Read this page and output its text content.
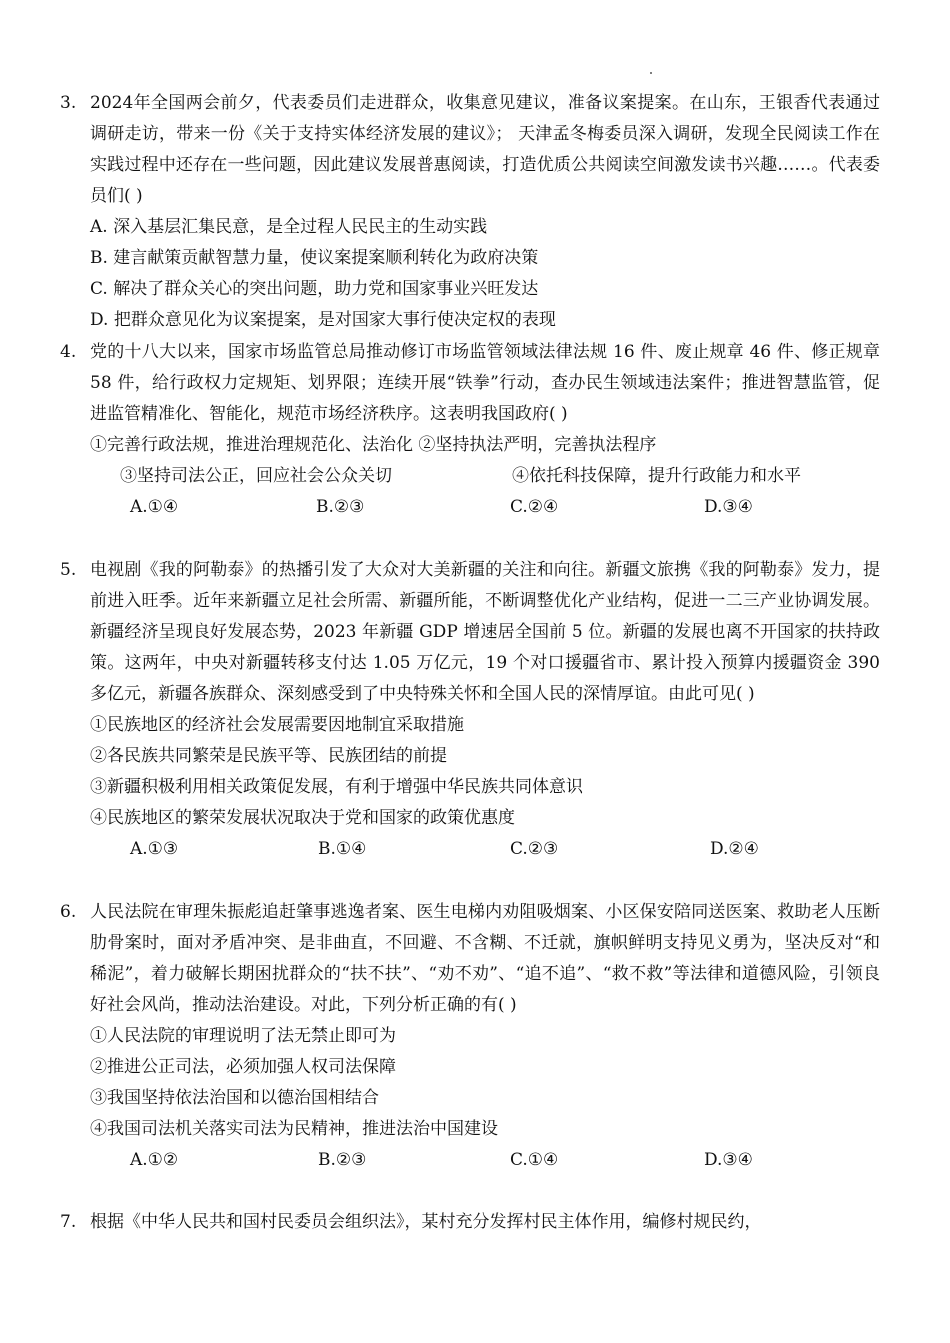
3. 2024年全国两会前夕，代表委员们走进群众，收集意见建议，准备议案提案。在山东，王银香代表通过调研走访，带来一份《关于支持实体经济发展的建议》； 天津孟冬梅委员深入调研，发现全民阅读工作在实践过程中还存在一些问题，因此建议发展普惠阅读，打造优质公共阅读空间激发读书兴趣……。代表委员们( )
A. 深入基层汇集民意，是全过程人民民主的生动实践
B. 建言献策贡献智慧力量，使议案提案顺利转化为政府决策
C. 解决了群众关心的突出问题，助力党和国家事业兴旺发达
D. 把群众意见化为议案提案，是对国家大事行使决定权的表现
4. 党的十八大以来，国家市场监管总局推动修订市场监管领域法律法规 16 件、废止规章 46 件、修正规章 58 件，给行政权力定规矩、划界限；连续开展“铁拳”行动，查办民生领域违法案件；推进智慧监管，促进监管精准化、智能化，规范市场经济秩序。这表明我国政府( )
①完善行政法规，推进治理规范化、法治化 ②坚持执法严明，完善执法程序
③坚持司法公正，回应社会公众关切	④依托科技保障，提升行政能力和水平
A.①④	B.②③	C.②④	D.③④
5. 电视剧《我的阿勒泰》的热播引发了大众对大美新疆的关注和向往。新疆文旅携《我的阿勒泰》发力，提前进入旺季。近年来新疆立足社会所需、新疆所能，不断调整优化产业结构，促进一二三产业协调发展。新疆经济呈现良好发展态势，2023 年新疆 GDP 增速居全国前 5 位。新疆的发展也离不开国家的扶持政策。这两年，中央对新疆转移支付达 1.05 万亿元，19 个对口援疆省市、累计投入预算内援疆资金 390 多亿元，新疆各族群众、深刻感受到了中央特殊关怀和全国人民的深情厚谊。由此可见( )
①民族地区的经济社会发展需要因地制宜采取措施
②各民族共同繁荣是民族平等、民族团结的前提
③新疆积极利用相关政策促发展，有利于增强中华民族共同体意识
④民族地区的繁荣发展状况取决于党和国家的政策优惠度
A.①③	B.①④	C.②③	D.②④
6. 人民法院在审理朱振彪追赶肇事逃逸者案、医生电梯内劝阻吸烟案、小区保安陪同送医案、救助老人压断肋骨案时，面对矛盾冲突、是非曲直，不回避、不含糊、不迁就，旗帜鲜明支持见义勇为，坚决反对“和稀泥”，着力破解长期困扰群众的“扶不扶”、“劝不劝”、“追不追”、“救不救”等法律和道德风险，引领良好社会风尚，推动法治建设。对此，下列分析正确的有( )
①人民法院的审理说明了法无禁止即可为
②推进公正司法，必须加强人权司法保障
③我国坚持依法治国和以德治国相结合
④我国司法机关落实司法为民精神，推进法治中国建设
A.①②	B.②③	C.①④	D.③④
7. 根据《中华人民共和国村民委员会组织法》，某村充分发挥村民主体作用，编修村规民约，
